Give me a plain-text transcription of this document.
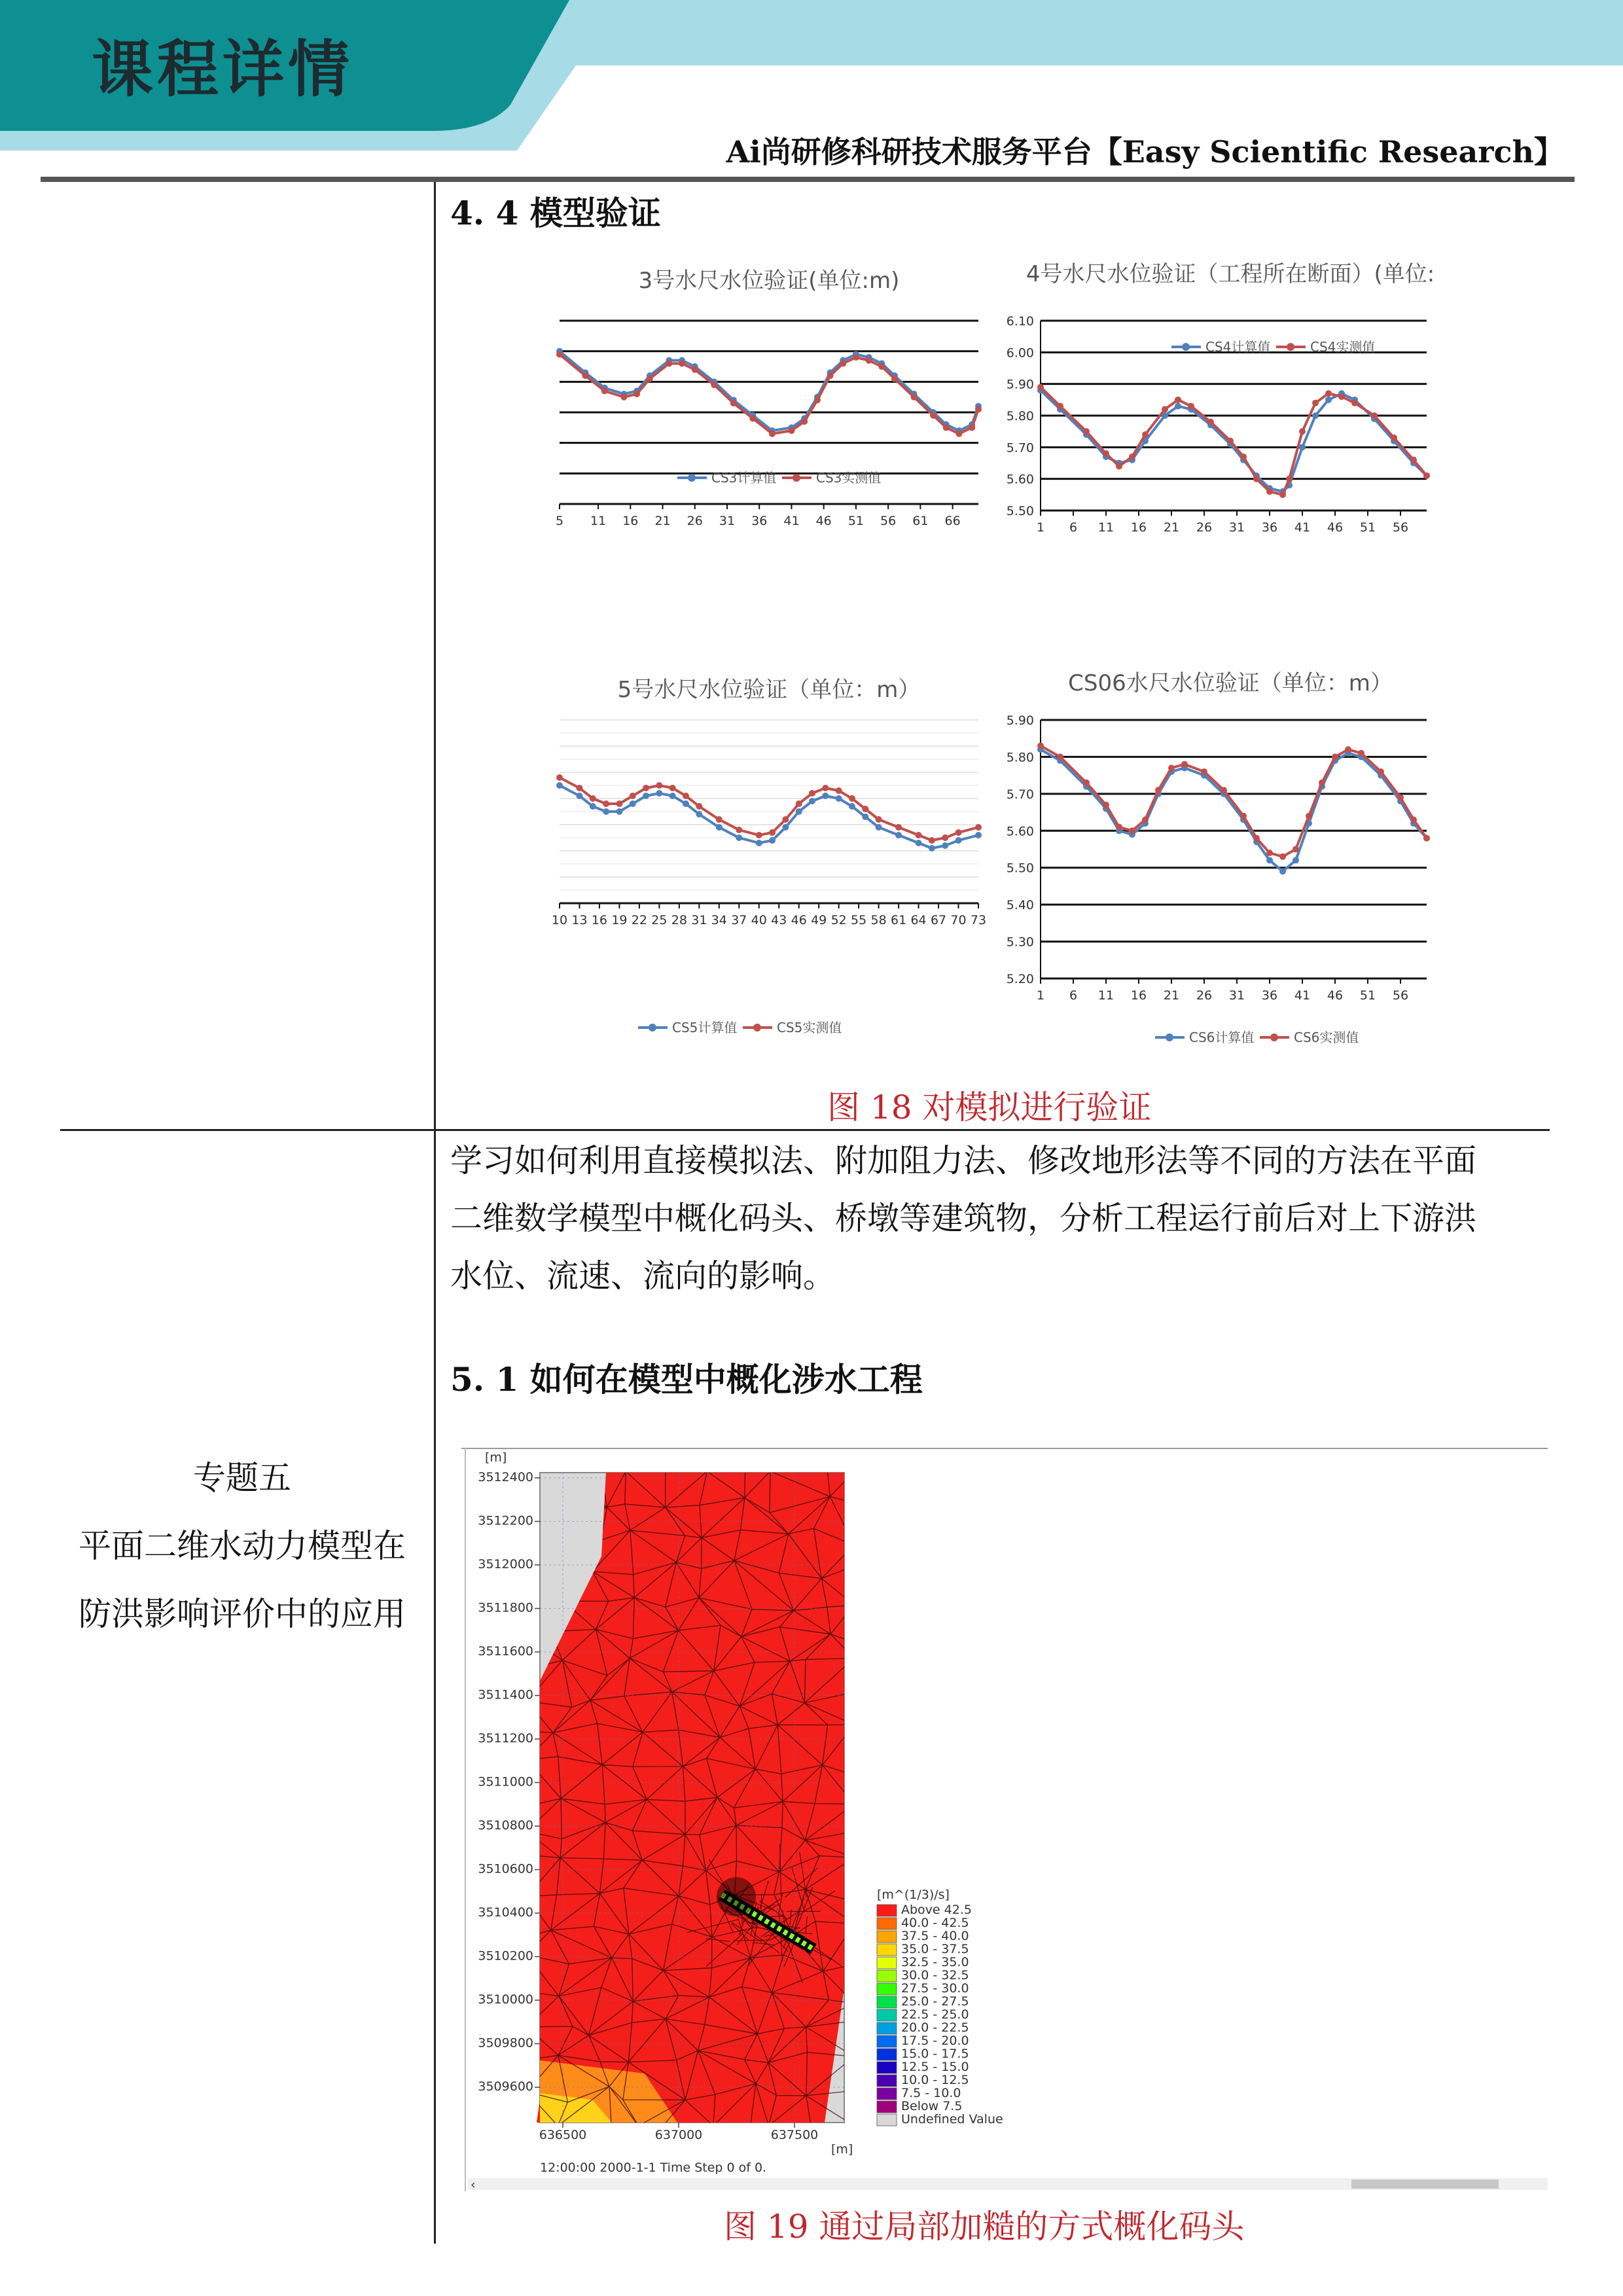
课程详情
Ai尚研修科研技术服务平台【Easy Scientific Research】
4. 4 模型验证
3号水尺水位验证(单位:m)
5 11 16 21 26 31 36 41 46 51 56 61 66
CS3计算值	CS3实测值
4号水尺水位验证（工程所在断面）(单位:
1 6 11 16 21 26 31 36 41 46 51 56
6.10
6.00
5.90
5.80
5.70
5.60
5.50
CS4计算值	CS4实测值
5号水尺水位验证（单位：m）
10 13 16 19 22 25 28 31 34 37 40 43 46 49 52 55 58 61 64 67 70 73
CS5计算值	CS5实测值
CS06水尺水位验证（单位：m）
1 6 11 16 21 26 31 36 41 46 51 56
5.90
5.80
5.70
5.60
5.50
5.40
5.30
5.20
CS6计算值	CS6实测值
图 18 对模拟进行验证
专题五
平面二维水动力模型在
防洪影响评价中的应用
学习如何利用直接模拟法、附加阻力法、修改地形法等不同的方法在平面
二维数学模型中概化码头、桥墩等建筑物，分析工程运行前后对上下游洪
水位、流速、流向的影响。
5. 1 如何在模型中概化涉水工程
3512400
3512200
3512000
3511800
3511600
3511400
3511200
3511000
3510800
3510600
3510400
3510200
3510000
3509800
3509600
636500	637000	637500
[m]
[m]
12:00:00 2000-1-1 Time Step 0 of 0.
[m^(1/3)/s]
Above 42.5
40.0 - 42.5
37.5 - 40.0
35.0 - 37.5
32.5 - 35.0
30.0 - 32.5
27.5 - 30.0
25.0 - 27.5
22.5 - 25.0
20.0 - 22.5
17.5 - 20.0
15.0 - 17.5
12.5 - 15.0
10.0 - 12.5
7.5 - 10.0
Below 7.5
Undefined Value
‹
图 19 通过局部加糙的方式概化码头
